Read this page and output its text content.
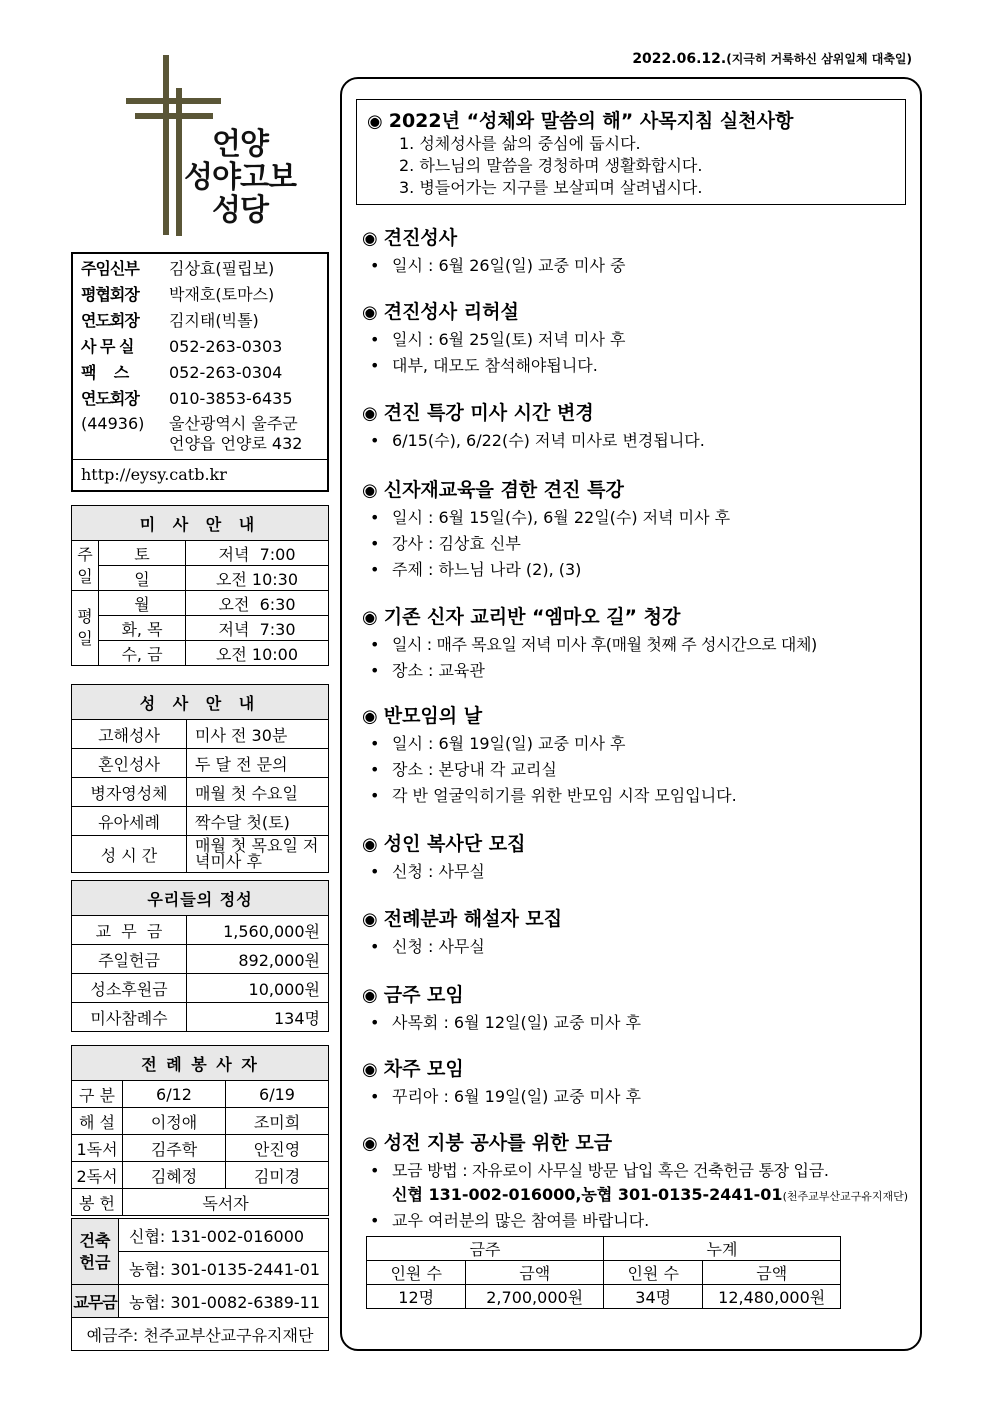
2022.06.12.(지극히 거룩하신 삼위일체 대축일)
언양
성야고보
성당
주임신부	김상효(필립보)
평협회장	박재호(토마스)
연도회장	김지태(빅톨)
사 무 실	052-263-0303
팩    스	052-263-0304
연도회장	010-3853-6435
(44936)	울산광역시 울주군
언양읍 언양로 432
http://eysy.catb.kr
미 사 안 내		
주
일	토	저녁  7:00
	일	오전 10:30
평
일	월	오전  6:30
	화, 목	저녁  7:30
	수, 금	오전 10:00
성 사 안 내	
고해성사	미사 전 30분
혼인성사	두 달 전 문의
병자영성체	매월 첫 수요일
유아세례	짝수달 첫(토)
성 시 간	매월 첫 목요일 저녁미사 후
우리들의 정성	
교  무  금	1,560,000원
주일헌금	892,000원
성소후원금	10,000원
미사참례수	134명
전 례 봉 사 자		
구 분	6/12	6/19
해 설	이정애	조미희
1독서	김주학	안진영
2독서	김혜정	김미경
봉 헌	독서자	
건축
헌금	신협: 131-002-016000
	농협: 301-0135-2441-01
교무금	농협: 301-0082-6389-11
예금주: 천주교부산교구유지재단	
◉ 2022년 “성체와 말씀의 해” 사목지침 실천사항
1. 성체성사를 삶의 중심에 둡시다.
2. 하느님의 말씀을 경청하며 생활화합시다.
3. 병들어가는 지구를 보살피며 살려냅시다.
◉ 견진성사
• 일시 : 6월 26일(일) 교중 미사 중
◉ 견진성사 리허설
• 일시 : 6월 25일(토) 저녁 미사 후
• 대부, 대모도 참석해야됩니다.
◉ 견진 특강 미사 시간 변경
• 6/15(수), 6/22(수) 저녁 미사로 변경됩니다.
◉ 신자재교육을 겸한 견진 특강
• 일시 : 6월 15일(수), 6월 22일(수) 저녁 미사 후
• 강사 : 김상효 신부
• 주제 : 하느님 나라 (2), (3)
◉ 기존 신자 교리반 “엠마오 길” 청강
• 일시 : 매주 목요일 저녁 미사 후(매월 첫째 주 성시간으로 대체)
• 장소 : 교육관
◉ 반모임의 날
• 일시 : 6월 19일(일) 교중 미사 후
• 장소 : 본당내 각 교리실
• 각 반 얼굴익히기를 위한 반모임 시작 모임입니다.
◉ 성인 복사단 모집
• 신청 : 사무실
◉ 전례분과 해설자 모집
• 신청 : 사무실
◉ 금주 모임
• 사목회 : 6월 12일(일) 교중 미사 후
◉ 차주 모임
• 꾸리아 : 6월 19일(일) 교중 미사 후
◉ 성전 지붕 공사를 위한 모금
• 모금 방법 : 자유로이 사무실 방문 납입 혹은 건축헌금 통장 입금.
신협 131-002-016000,농협 301-0135-2441-01(천주교부산교구유지재단)
• 교우 여러분의 많은 참여를 바랍니다.
금주		누계	
인원 수	금액	인원 수	금액
12명	2,700,000원	34명	12,480,000원
